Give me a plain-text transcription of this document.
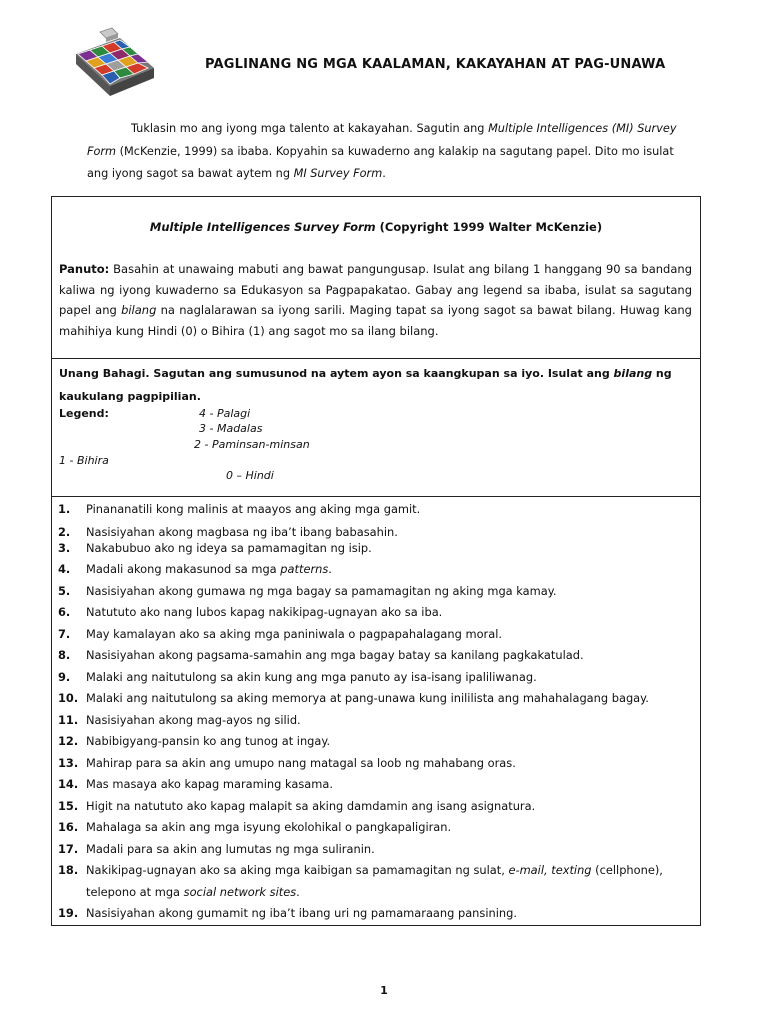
PAGLINANG NG MGA KAALAMAN, KAKAYAHAN AT PAG-UNAWA
Tuklasin mo ang iyong mga talento at kakayahan. Sagutin ang Multiple Intelligences (MI) Survey Form (McKenzie, 1999) sa ibaba. Kopyahin sa kuwaderno ang kalakip na sagutang papel. Dito mo isulat ang iyong sagot sa bawat aytem ng MI Survey Form.
Multiple Intelligences Survey Form (Copyright 1999 Walter McKenzie)
Panuto: Basahin at unawaing mabuti ang bawat pangungusap. Isulat ang bilang 1 hanggang 90 sa bandang kaliwa ng iyong kuwaderno sa Edukasyon sa Pagpapakatao. Gabay ang legend sa ibaba, isulat sa sagutang papel ang bilang na naglalarawan sa iyong sarili. Maging tapat sa iyong sagot sa bawat bilang. Huwag kang mahihiya kung Hindi (0) o Bihira (1) ang sagot mo sa ilang bilang.
Unang Bahagi. Sagutan ang sumusunod na aytem ayon sa kaangkupan sa iyo. Isulat ang bilang ng kaukulang pagpipilian.
Legend:	4 - Palagi
3 - Madalas
2 - Paminsan-minsan
1 - Bihira
0 – Hindi
1.	Pinananatili kong malinis at maayos ang aking mga gamit.
2.	Nasisiyahan akong magbasa ng iba’t ibang babasahin.
3.	Nakabubuo ako ng ideya sa pamamagitan ng isip.
4.	Madali akong makasunod sa mga patterns.
5.	Nasisiyahan akong gumawa ng mga bagay sa pamamagitan ng aking mga kamay.
6.	Natututo ako nang lubos kapag nakikipag-ugnayan ako sa iba.
7.	May kamalayan ako sa aking mga paniniwala o pagpapahalagang moral.
8.	Nasisiyahan akong pagsama-samahin ang mga bagay batay sa kanilang pagkakatulad.
9.	Malaki ang naitutulong sa akin kung ang mga panuto ay isa-isang ipaliliwanag.
10. Malaki ang naitutulong sa aking memorya at pang-unawa kung inililista ang mahahalagang bagay.
11. Nasisiyahan akong mag-ayos ng silid.
12. Nabibigyang-pansin ko ang tunog at ingay.
13. Mahirap para sa akin ang umupo nang matagal sa loob ng mahabang oras.
14. Mas masaya ako kapag maraming kasama.
15. Higit na natututo ako kapag malapit sa aking damdamin ang isang asignatura.
16. Mahalaga sa akin ang mga isyung ekolohikal o pangkapaligiran.
17. Madali para sa akin ang lumutas ng mga suliranin.
18. Nakikipag-ugnayan ako sa aking mga kaibigan sa pamamagitan ng sulat, e-mail, texting (cellphone), telepono at mga social network sites.
19. Nasisiyahan akong gumamit ng iba’t ibang uri ng pamamaraang pansining.
1
